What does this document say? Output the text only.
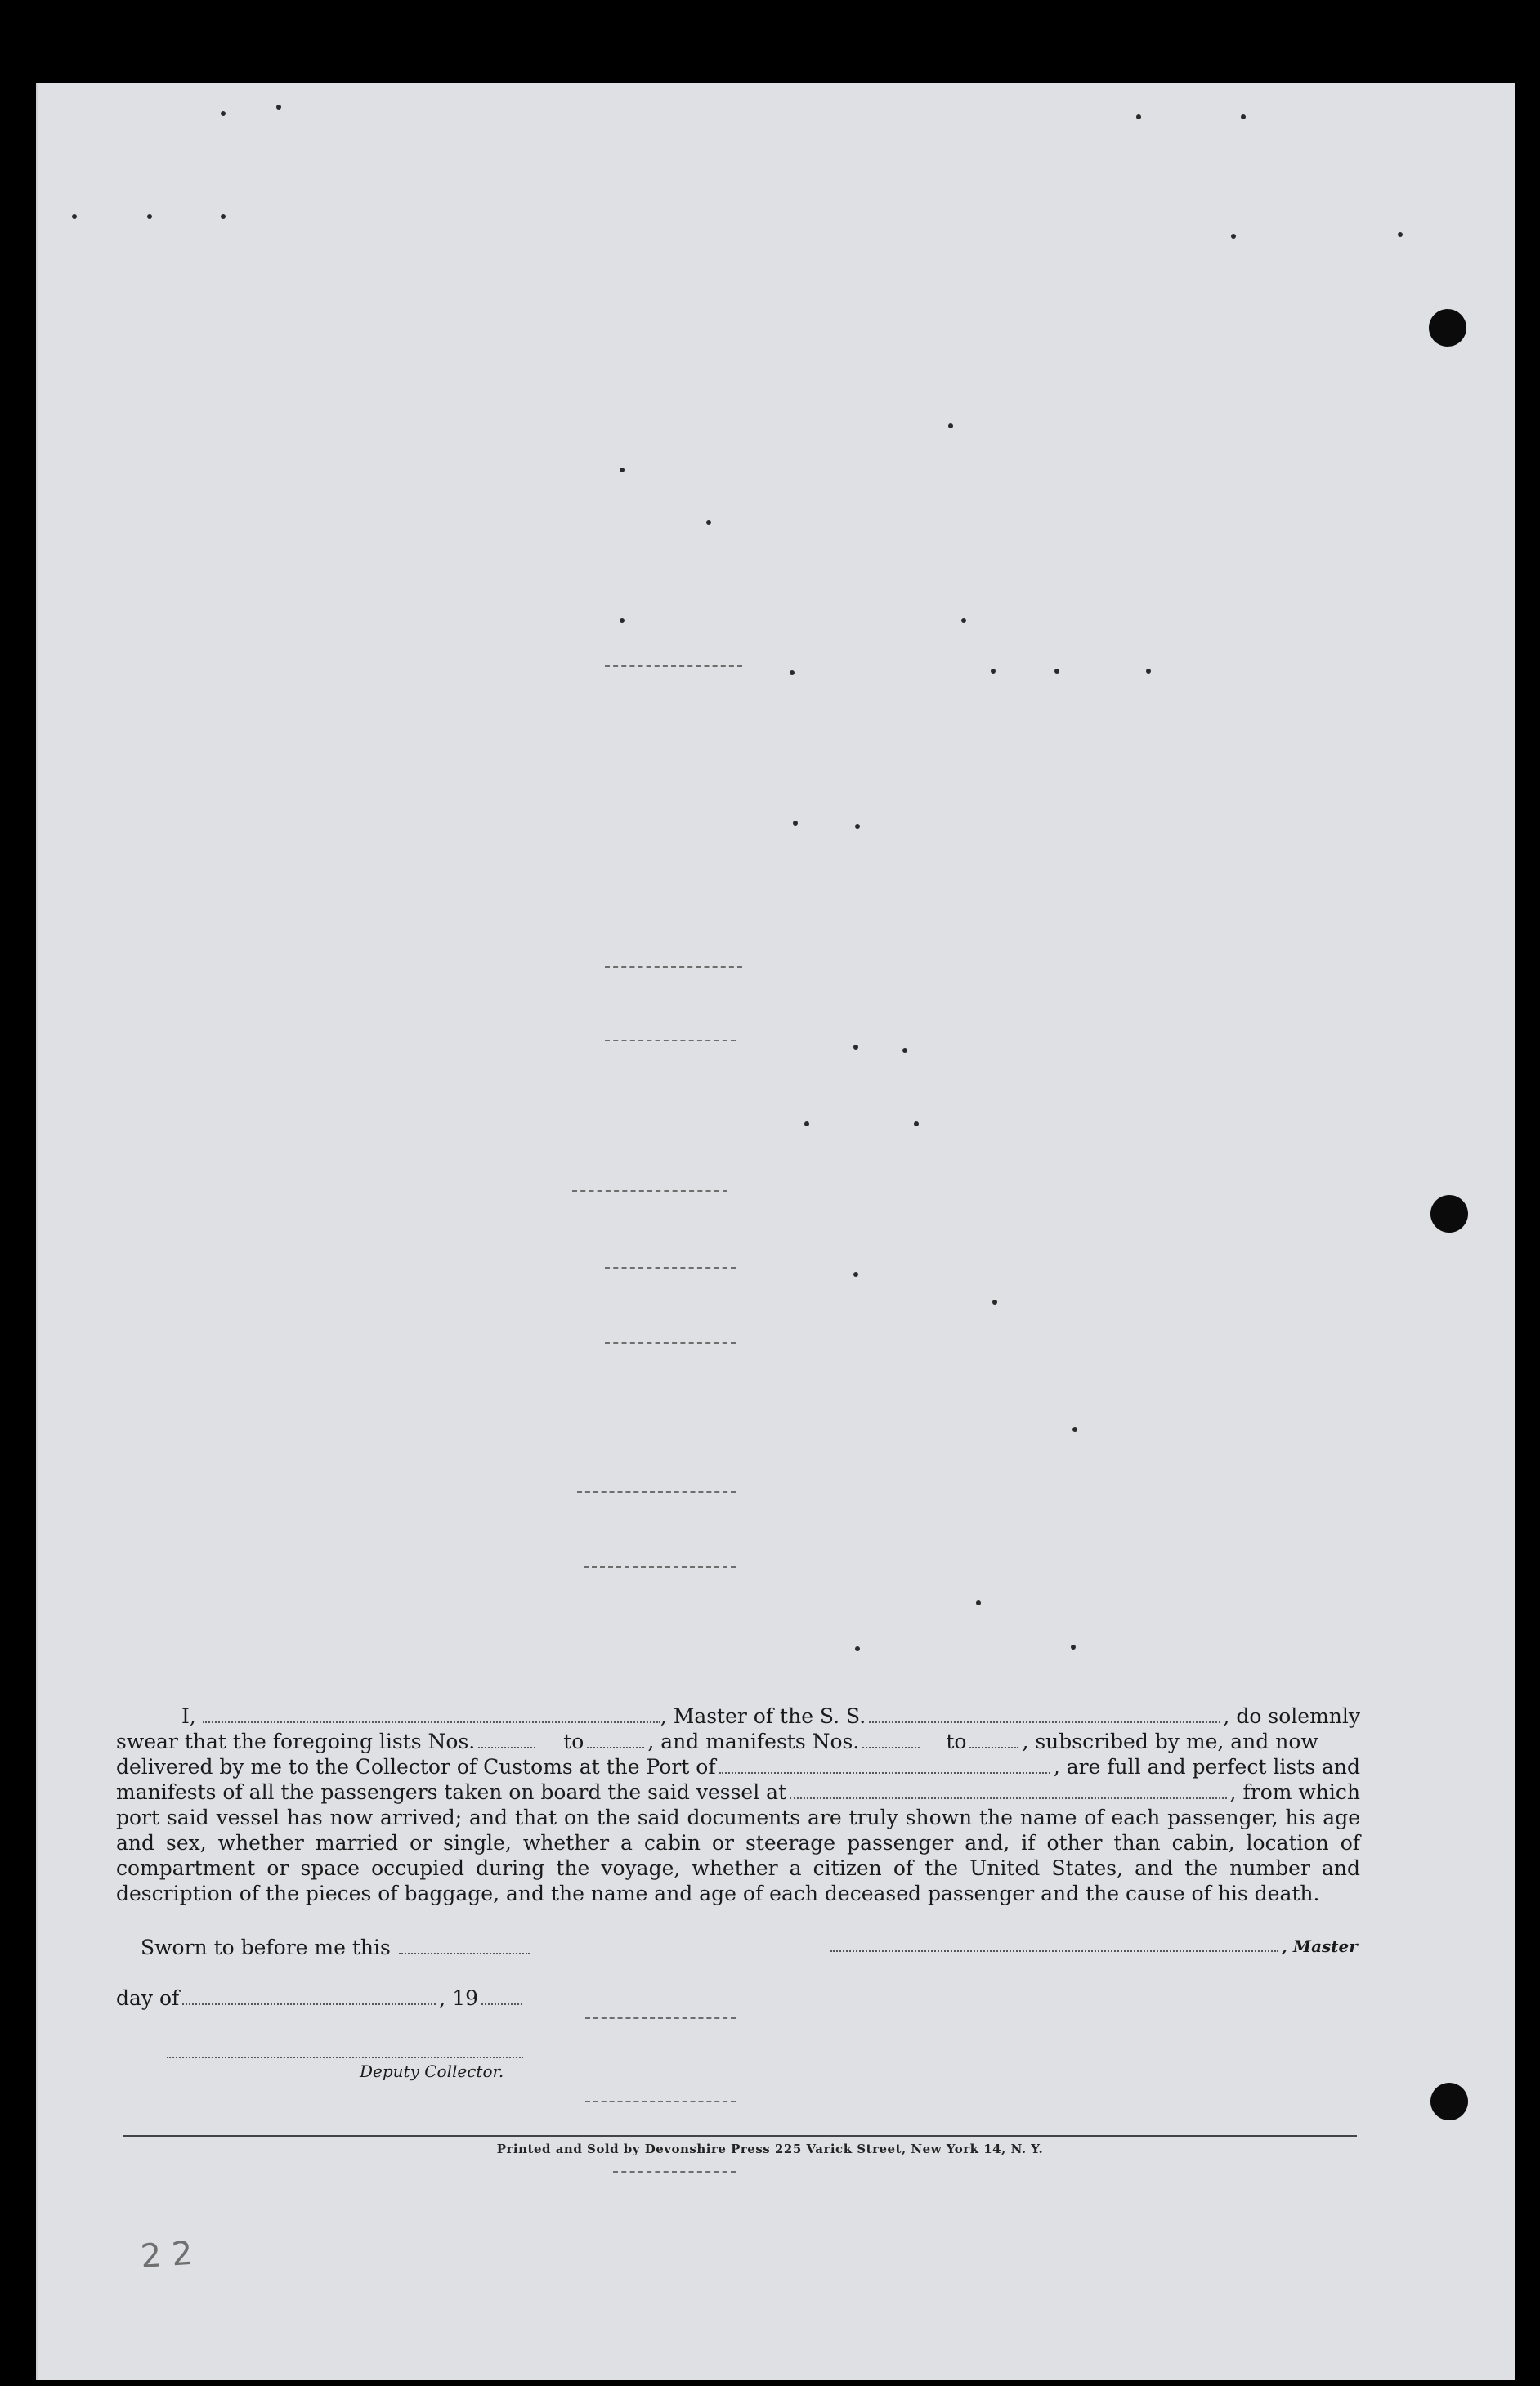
I,	, Master of the S. S.	, do solemnly

swear that the foregoing lists Nos.	to	, and manifests Nos.	to	, subscribed by me, and now

delivered by me to the Collector of Customs at the Port of	, are full and perfect lists and

manifests of all the passengers taken on board the said vessel at	, from which

port said vessel has now arrived; and that on the said documents are truly shown the name of each passenger, his age and sex, whether married or single, whether a cabin or steerage passenger and, if other than cabin, location of compartment or space occupied during the voyage, whether a citizen of the United States, and the number and description of the pieces of baggage, and the name and age of each deceased passenger and the cause of his death.

Sworn to before me this	, Master
day of	, 19
Deputy Collector.
Printed and Sold by Devonshire Press 225 Varick Street, New York 14, N. Y.
2 2
